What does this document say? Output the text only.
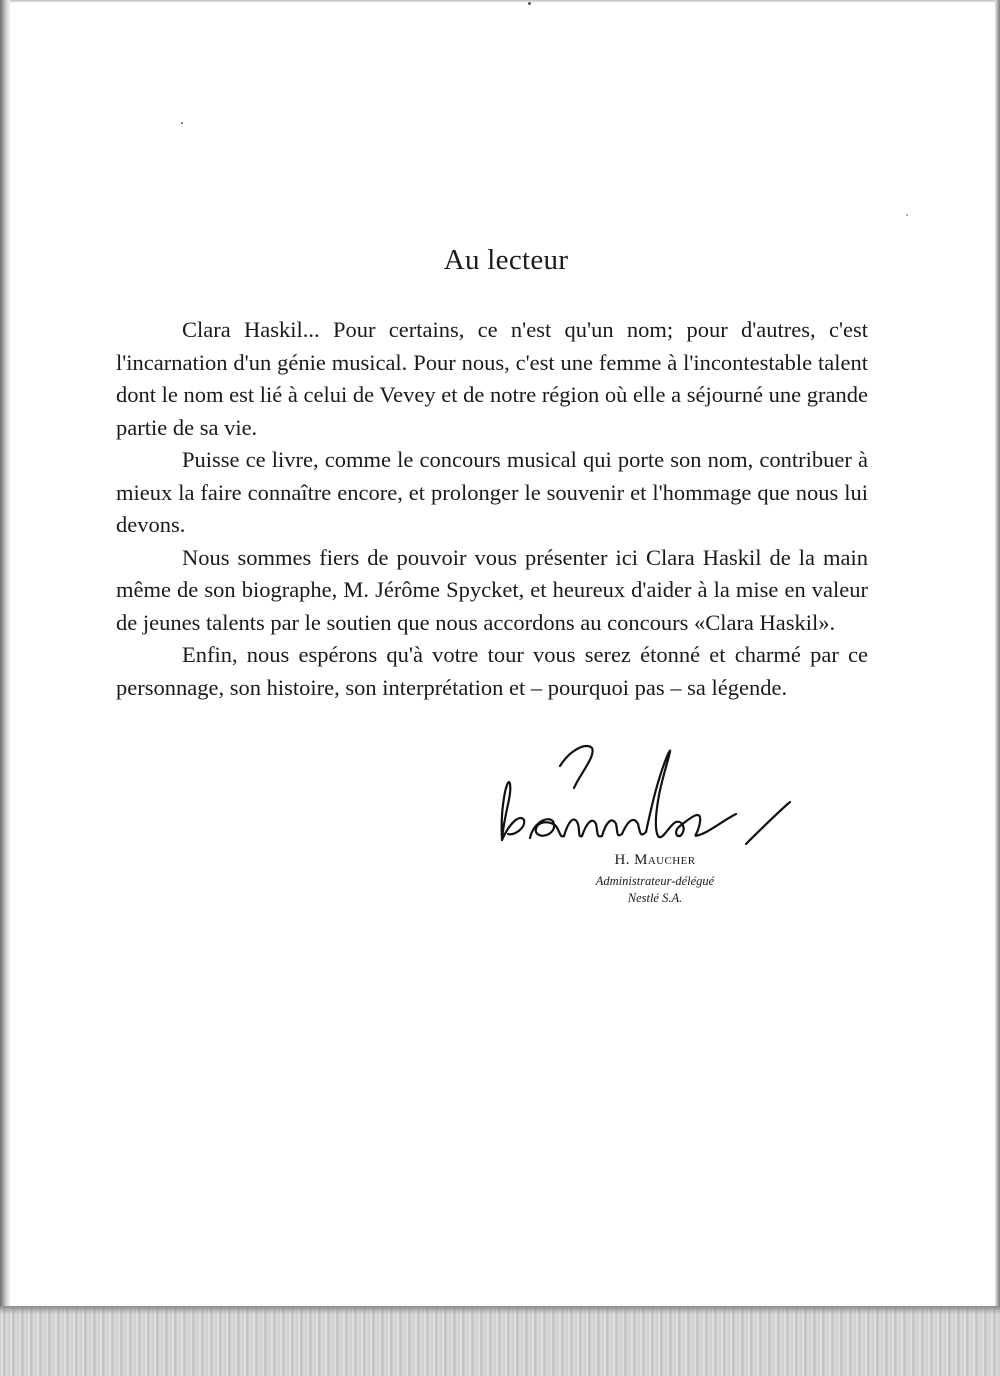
Au lecteur

Clara Haskil... Pour certains, ce n'est qu'un nom; pour d'autres, c'est l'incarnation d'un génie musical. Pour nous, c'est une femme à l'incontestable talent dont le nom est lié à celui de Vevey et de notre région où elle a séjourné une grande partie de sa vie.

Puisse ce livre, comme le concours musical qui porte son nom, contribuer à mieux la faire connaître encore, et prolonger le souvenir et l'hommage que nous lui devons.

Nous sommes fiers de pouvoir vous présenter ici Clara Haskil de la main même de son biographe, M. Jérôme Spycket, et heureux d'aider à la mise en valeur de jeunes talents par le soutien que nous accordons au concours «Clara Haskil».

Enfin, nous espérons qu'à votre tour vous serez étonné et charmé par ce personnage, son histoire, son interprétation et – pourquoi pas – sa légende.

H. Maucher
Administrateur-délégué
Nestlé S.A.
